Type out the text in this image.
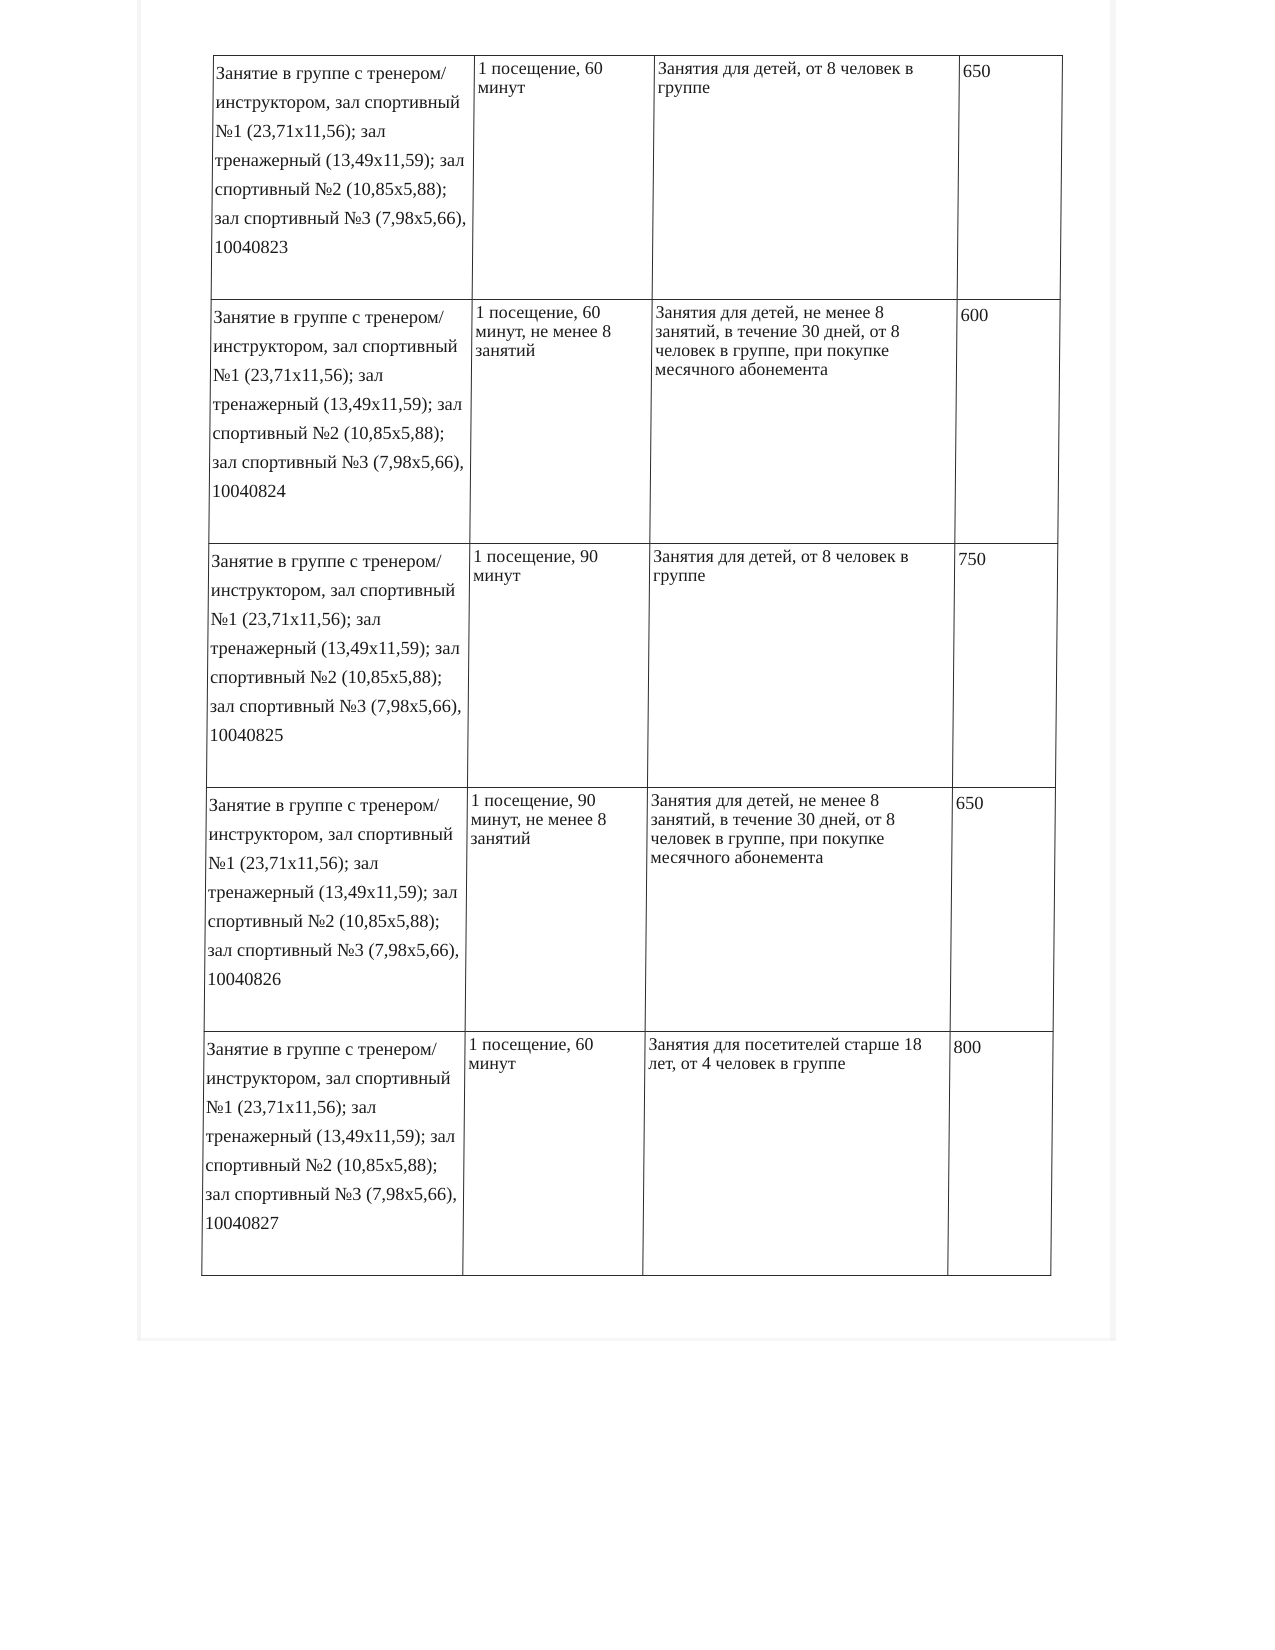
Занятие в группе с тренером/инструктором, зал спортивный №1 (23,71х11,56); зал тренажерный (13,49х11,59); зал спортивный №2 (10,85х5,88); зал спортивный №3 (7,98х5,66), 10040823	1 посещение, 60 минут	Занятия для детей, от 8 человек в группе	650
Занятие в группе с тренером/инструктором, зал спортивный №1 (23,71х11,56); зал тренажерный (13,49х11,59); зал спортивный №2 (10,85х5,88); зал спортивный №3 (7,98х5,66), 10040824	1 посещение, 60 минут, не менее 8 занятий	Занятия для детей, не менее 8 занятий, в течение 30 дней, от 8 человек в группе, при покупке месячного абонемента	600
Занятие в группе с тренером/инструктором, зал спортивный №1 (23,71х11,56); зал тренажерный (13,49х11,59); зал спортивный №2 (10,85х5,88); зал спортивный №3 (7,98х5,66), 10040825	1 посещение, 90 минут	Занятия для детей, от 8 человек в группе	750
Занятие в группе с тренером/инструктором, зал спортивный №1 (23,71х11,56); зал тренажерный (13,49х11,59); зал спортивный №2 (10,85х5,88); зал спортивный №3 (7,98х5,66), 10040826	1 посещение, 90 минут, не менее 8 занятий	Занятия для детей, не менее 8 занятий, в течение 30 дней, от 8 человек в группе, при покупке месячного абонемента	650
Занятие в группе с тренером/инструктором, зал спортивный №1 (23,71х11,56); зал тренажерный (13,49х11,59); зал спортивный №2 (10,85х5,88); зал спортивный №3 (7,98х5,66), 10040827	1 посещение, 60 минут	Занятия для посетителей старше 18 лет, от 4 человек в группе	800
